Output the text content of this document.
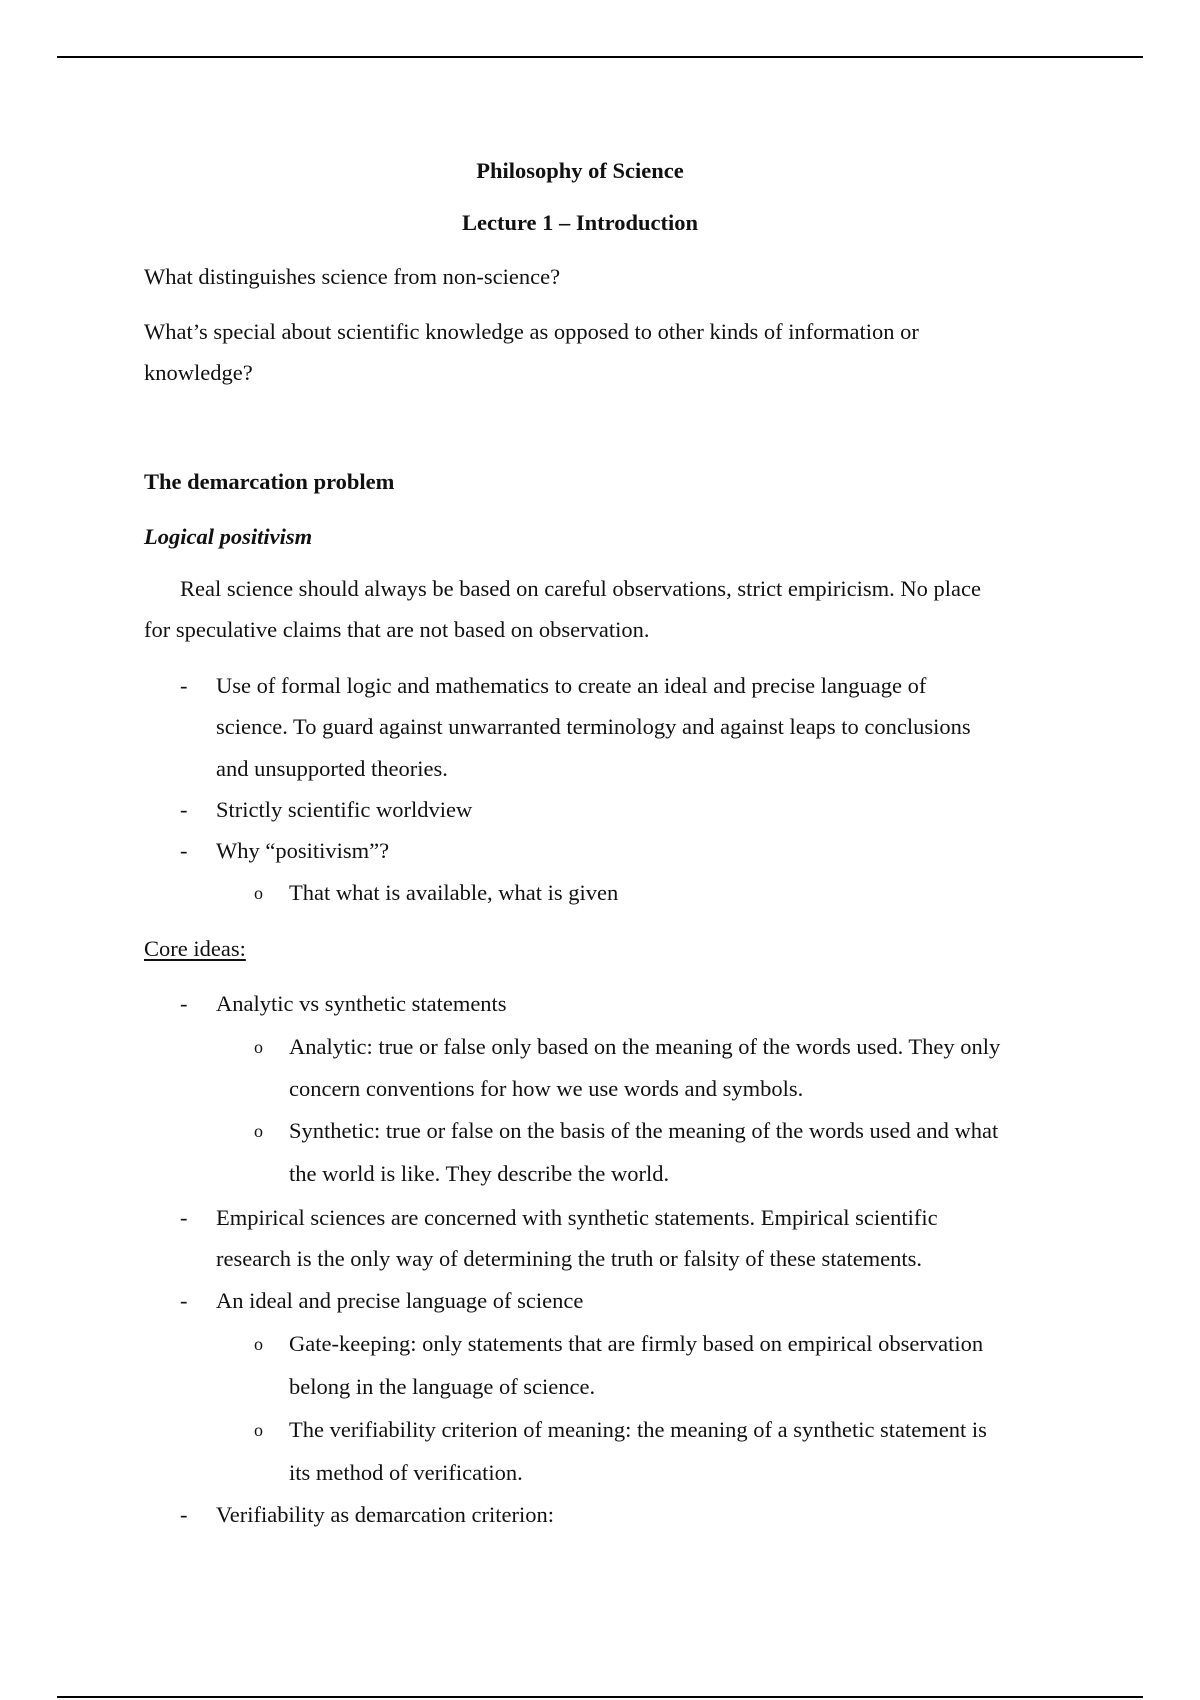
Philosophy of Science
Lecture 1 – Introduction
What distinguishes science from non-science?
What’s special about scientific knowledge as opposed to other kinds of information or
knowledge?
The demarcation problem
Logical positivism
Real science should always be based on careful observations, strict empiricism. No place
for speculative claims that are not based on observation.
- Use of formal logic and mathematics to create an ideal and precise language of
science. To guard against unwarranted terminology and against leaps to conclusions
and unsupported theories.
- Strictly scientific worldview
- Why “positivism”?
o That what is available, what is given
Core ideas:
- Analytic vs synthetic statements
o Analytic: true or false only based on the meaning of the words used. They only
concern conventions for how we use words and symbols.
o Synthetic: true or false on the basis of the meaning of the words used and what
the world is like. They describe the world.
- Empirical sciences are concerned with synthetic statements. Empirical scientific
research is the only way of determining the truth or falsity of these statements.
- An ideal and precise language of science
o Gate-keeping: only statements that are firmly based on empirical observation
belong in the language of science.
o The verifiability criterion of meaning: the meaning of a synthetic statement is
its method of verification.
- Verifiability as demarcation criterion:
